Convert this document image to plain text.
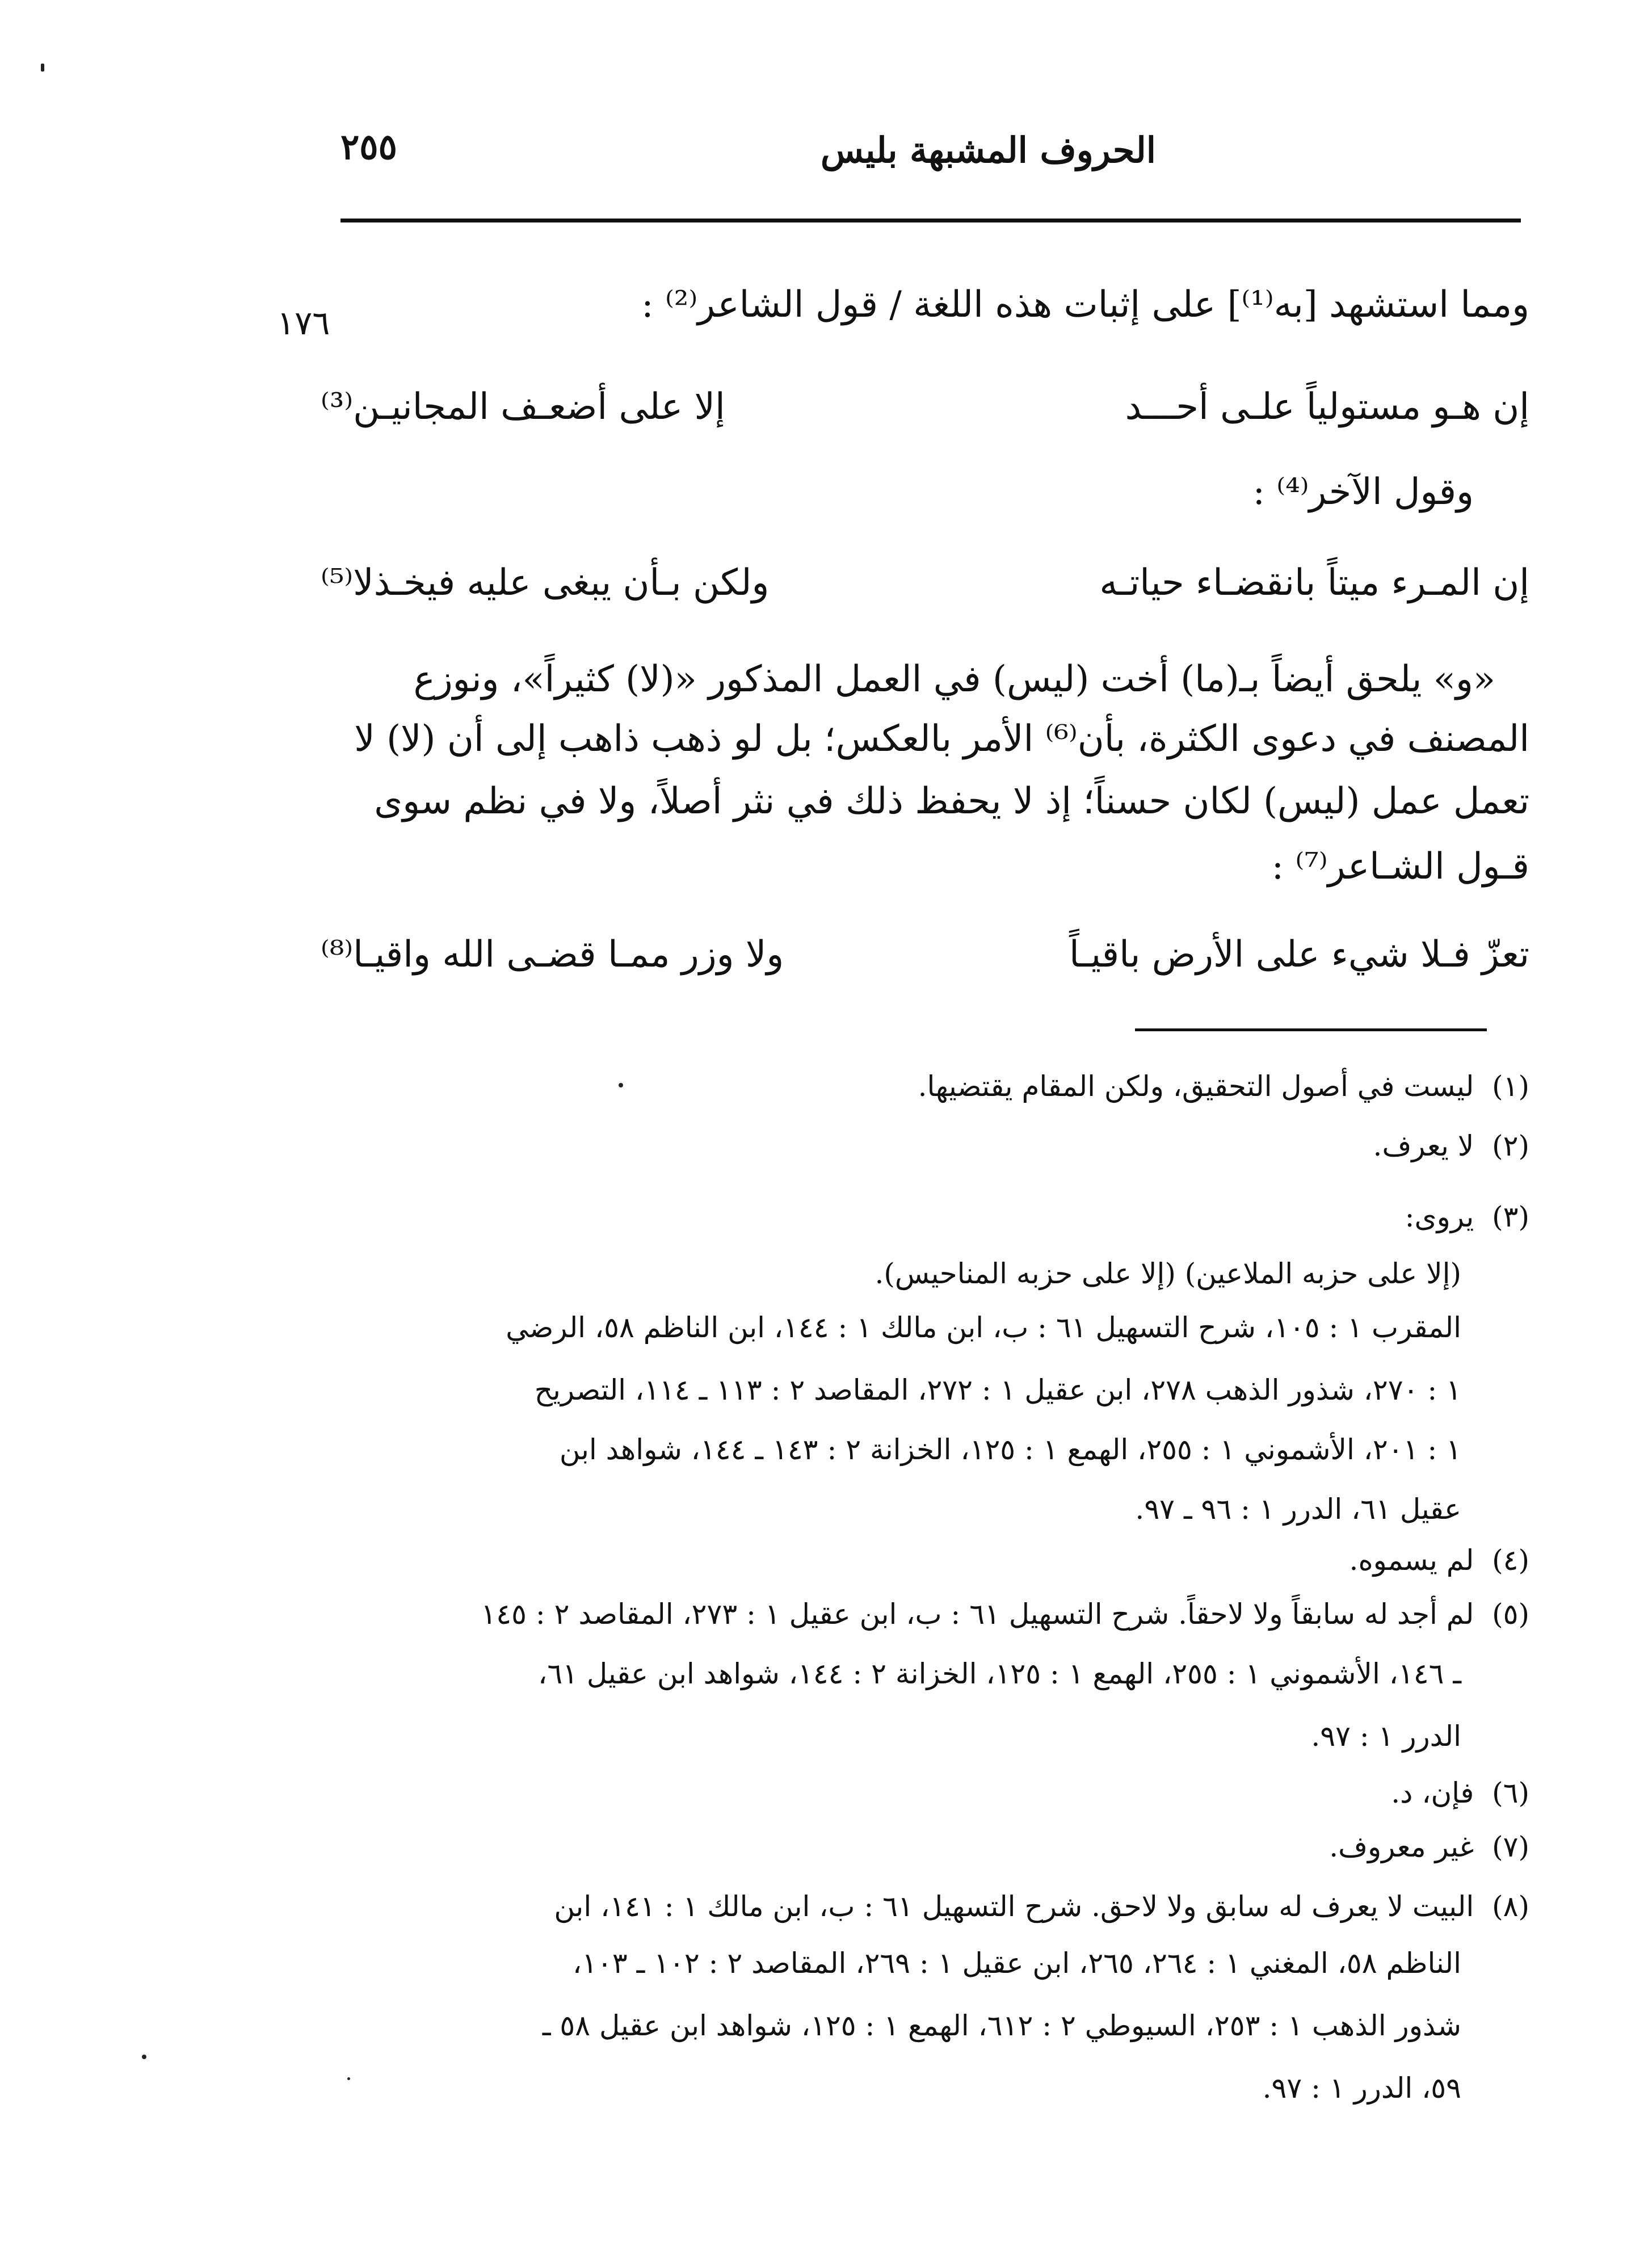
الحروف المشبهة بليس
٢٥٥
١٧٦	ومما استشهد [به⁽¹⁾] على إثبات هذه اللغة / قول الشاعر⁽²⁾ :
إن هـو مستولياً علـى أحـــد
إلا على أضعـف المجانيـن⁽³⁾
وقول الآخر⁽⁴⁾ :
إن المـرء ميتاً بانقضـاء حياتـه
ولكن بـأن يبغى عليه فيخـذلا⁽⁵⁾
«و» يلحق أيضاً بـ(ما) أخت (ليس) في العمل المذكور «(لا) كثيراً»، ونوزع
المصنف في دعوى الكثرة، بأن⁽⁶⁾ الأمر بالعكس؛ بل لو ذهب ذاهب إلى أن (لا) لا
تعمل عمل (ليس) لكان حسناً؛ إذ لا يحفظ ذلك في نثر أصلاً، ولا في نظم سوى
قـول الشـاعر⁽⁷⁾ :
تعزّ فـلا شيء على الأرض باقيـاً
ولا وزر ممـا قضـى الله واقيـا⁽⁸⁾
(١)  ليست في أصول التحقيق، ولكن المقام يقتضيها.
(٢)  لا يعرف.
(٣)  يروى:
(إلا على حزبه الملاعين) (إلا على حزبه المناحيس).
المقرب ١ : ١٠٥، شرح التسهيل ٦١ : ب، ابن مالك ١ : ١٤٤، ابن الناظم ٥٨، الرضي
١ : ٢٧٠، شذور الذهب ٢٧٨، ابن عقيل ١ : ٢٧٢، المقاصد ٢ : ١١٣ ـ ١١٤، التصريح
١ : ٢٠١، الأشموني ١ : ٢٥٥، الهمع ١ : ١٢٥، الخزانة ٢ : ١٤٣ ـ ١٤٤، شواهد ابن
عقيل ٦١، الدرر ١ : ٩٦ ـ ٩٧.
(٤)  لم يسموه.
(٥)  لم أجد له سابقاً ولا لاحقاً. شرح التسهيل ٦١ : ب، ابن عقيل ١ : ٢٧٣، المقاصد ٢ : ١٤٥
ـ ١٤٦، الأشموني ١ : ٢٥٥، الهمع ١ : ١٢٥، الخزانة ٢ : ١٤٤، شواهد ابن عقيل ٦١،
الدرر ١ : ٩٧.
(٦)  فإن، د.
(٧)  غير معروف.
(٨)  البيت لا يعرف له سابق ولا لاحق. شرح التسهيل ٦١ : ب، ابن مالك ١ : ١٤١، ابن
الناظم ٥٨، المغني ١ : ٢٦٤، ٢٦٥، ابن عقيل ١ : ٢٦٩، المقاصد ٢ : ١٠٢ ـ ١٠٣،
شذور الذهب ١ : ٢٥٣، السيوطي ٢ : ٦١٢، الهمع ١ : ١٢٥، شواهد ابن عقيل ٥٨ ـ
٥٩، الدرر ١ : ٩٧.
